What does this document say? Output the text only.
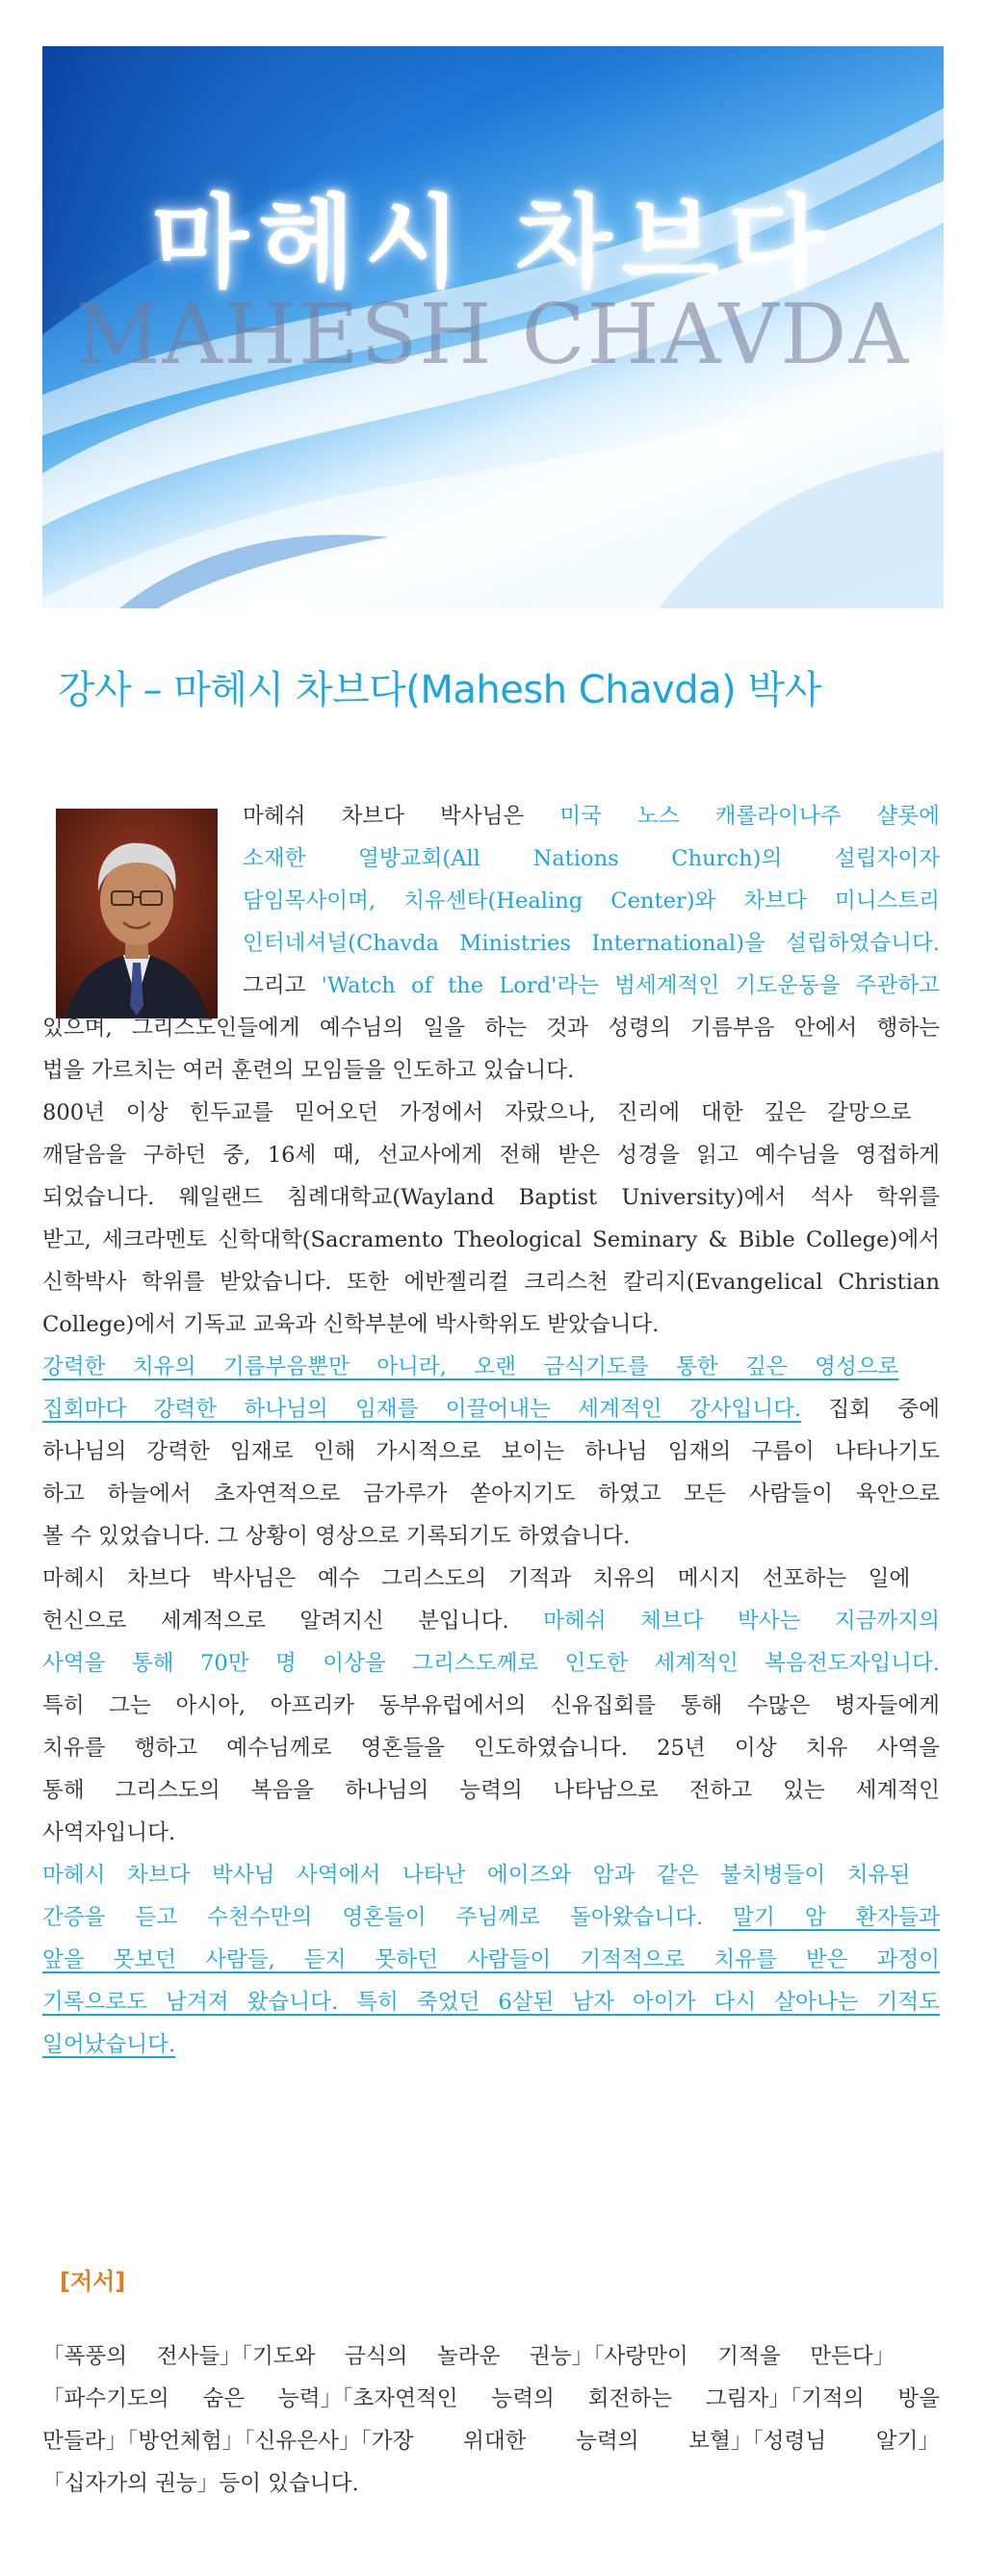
MAHESH CHAVDA
마헤시 차브다
강사 – 마헤시 차브다(Mahesh Chavda) 박사
마헤쉬 차브다 박사님은 미국 노스 캐롤라이나주 샬롯에
소재한 열방교회(All Nations Church)의 설립자이자
담임목사이며, 치유센타(Healing Center)와 차브다 미니스트리
인터네셔널(Chavda Ministries International)을 설립하였습니다.
그리고 'Watch of the Lord'라는 범세계적인 기도운동을 주관하고
있으며, 그리스도인들에게 예수님의 일을 하는 것과 성령의 기름부음 안에서 행하는
법을 가르치는 여러 훈련의 모임들을 인도하고 있습니다.
800년 이상 힌두교를 믿어오던 가정에서 자랐으나, 진리에 대한 깊은 갈망으로
깨달음을 구하던 중, 16세 때, 선교사에게 전해 받은 성경을 읽고 예수님을 영접하게
되었습니다. 웨일랜드 침례대학교(Wayland Baptist University)에서 석사 학위를
받고, 세크라멘토 신학대학(Sacramento Theological Seminary & Bible College)에서
신학박사 학위를 받았습니다. 또한 에반젤리컬 크리스천 칼리지(Evangelical Christian
College)에서 기독교 교육과 신학부분에 박사학위도 받았습니다.
강력한 치유의 기름부음뿐만 아니라, 오랜 금식기도를 통한 깊은 영성으로
집회마다 강력한 하나님의 임재를 이끌어내는 세계적인 강사입니다. 집회 중에
하나님의 강력한 임재로 인해 가시적으로 보이는 하나님 임재의 구름이 나타나기도
하고 하늘에서 초자연적으로 금가루가 쏟아지기도 하였고 모든 사람들이 육안으로
볼 수 있었습니다. 그 상황이 영상으로 기록되기도 하였습니다.
마헤시 차브다 박사님은 예수 그리스도의 기적과 치유의 메시지 선포하는 일에
헌신으로 세계적으로 알려지신 분입니다. 마헤쉬 체브다 박사는 지금까지의
사역을 통해 70만 명 이상을 그리스도께로 인도한 세계적인 복음전도자입니다.
특히 그는 아시아, 아프리카 동부유럽에서의 신유집회를 통해 수많은 병자들에게
치유를 행하고 예수님께로 영혼들을 인도하였습니다. 25년 이상 치유 사역을
통해 그리스도의 복음을 하나님의 능력의 나타남으로 전하고 있는 세계적인
사역자입니다.
마헤시 차브다 박사님 사역에서 나타난 에이즈와 암과 같은 불치병들이 치유된
간증을 듣고 수천수만의 영혼들이 주님께로 돌아왔습니다. 말기 암 환자들과
앞을 못보던 사람들, 듣지 못하던 사람들이 기적적으로 치유를 받은 과정이
기록으로도 남겨져 왔습니다. 특히 죽었던 6살된 남자 아이가 다시 살아나는 기적도
일어났습니다.
[저서]
「폭풍의 전사들」「기도와 금식의 놀라운 권능」「사랑만이 기적을 만든다」
「파수기도의 숨은 능력」「초자연적인 능력의 회전하는 그림자」「기적의 방을
만들라」「방언체험」「신유은사」「가장 위대한 능력의 보혈」「성령님 알기」
「십자가의 권능」등이 있습니다.
